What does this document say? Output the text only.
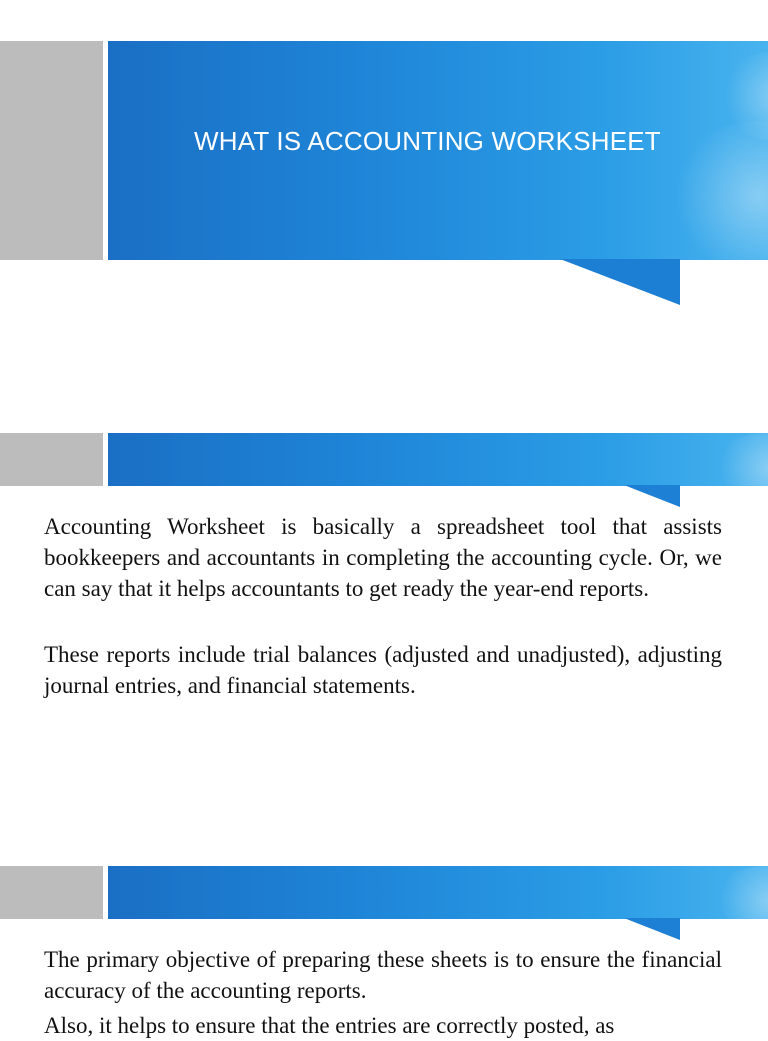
WHAT IS ACCOUNTING WORKSHEET

Accounting Worksheet is basically a spreadsheet tool that assists bookkeepers and accountants in completing the accounting cycle. Or, we can say that it helps accountants to get ready the year-end reports.

These reports include trial balances (adjusted and unadjusted), adjusting journal entries, and financial statements.

The primary objective of preparing these sheets is to ensure the financial accuracy of the accounting reports.

Also, it helps to ensure that the entries are correctly posted, as
